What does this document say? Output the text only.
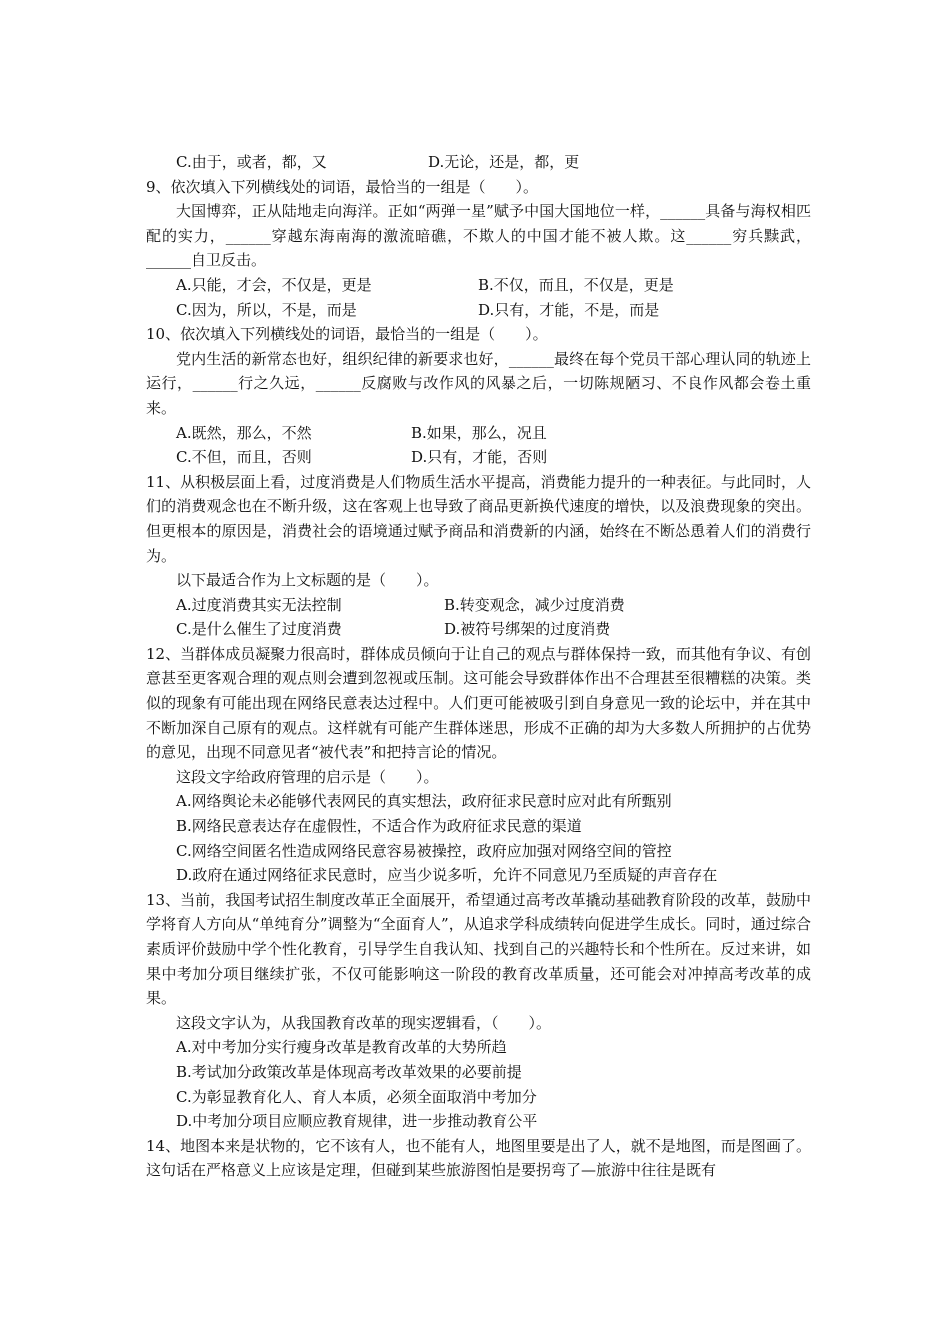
C.由于，或者，都，又	D.无论，还是，都，更
9、依次填入下列横线处的词语，最恰当的一组是（　　）。

大国博弈，正从陆地走向海洋。正如“两弹一星”赋予中国大国地位一样，______具备与海权相匹配的实力，______穿越东海南海的激流暗礁，不欺人的中国才能不被人欺。这______穷兵黩武，______自卫反击。

A.只能，才会，不仅是，更是	B.不仅，而且，不仅是，更是
C.因为，所以，不是，而是	D.只有，才能，不是，而是
10、依次填入下列横线处的词语，最恰当的一组是（　　）。

党内生活的新常态也好，组织纪律的新要求也好，______最终在每个党员干部心理认同的轨迹上运行，______行之久远，______反腐败与改作风的风暴之后，一切陈规陋习、不良作风都会卷土重来。

A.既然，那么，不然	B.如果，那么，况且
C.不但，而且，否则	D.只有，才能，否则

11、从积极层面上看，过度消费是人们物质生活水平提高，消费能力提升的一种表征。与此同时，人们的消费观念也在不断升级，这在客观上也导致了商品更新换代速度的增快，以及浪费现象的突出。但更根本的原因是，消费社会的语境通过赋予商品和消费新的内涵，始终在不断怂恿着人们的消费行为。

以下最适合作为上文标题的是（　　）。
A.过度消费其实无法控制	B.转变观念，减少过度消费
C.是什么催生了过度消费	D.被符号绑架的过度消费

12、当群体成员凝聚力很高时，群体成员倾向于让自己的观点与群体保持一致，而其他有争议、有创意甚至更客观合理的观点则会遭到忽视或压制。这可能会导致群体作出不合理甚至很糟糕的决策。类似的现象有可能出现在网络民意表达过程中。人们更可能被吸引到自身意见一致的论坛中，并在其中不断加深自己原有的观点。这样就有可能产生群体迷思，形成不正确的却为大多数人所拥护的占优势的意见，出现不同意见者“被代表”和把持言论的情况。

这段文字给政府管理的启示是（　　）。
A.网络舆论未必能够代表网民的真实想法，政府征求民意时应对此有所甄别
B.网络民意表达存在虚假性，不适合作为政府征求民意的渠道
C.网络空间匿名性造成网络民意容易被操控，政府应加强对网络空间的管控
D.政府在通过网络征求民意时，应当少说多听，允许不同意见乃至质疑的声音存在

13、当前，我国考试招生制度改革正全面展开，希望通过高考改革撬动基础教育阶段的改革，鼓励中学将育人方向从“单纯育分”调整为“全面育人”，从追求学科成绩转向促进学生成长。同时，通过综合素质评价鼓励中学个性化教育，引导学生自我认知、找到自己的兴趣特长和个性所在。反过来讲，如果中考加分项目继续扩张，不仅可能影响这一阶段的教育改革质量，还可能会对冲掉高考改革的成果。

这段文字认为，从我国教育改革的现实逻辑看，（　　）。
A.对中考加分实行瘦身改革是教育改革的大势所趋
B.考试加分政策改革是体现高考改革效果的必要前提
C.为彰显教育化人、育人本质，必须全面取消中考加分
D.中考加分项目应顺应教育规律，进一步推动教育公平

14、地图本来是状物的，它不该有人，也不能有人，地图里要是出了人，就不是地图，而是图画了。这句话在严格意义上应该是定理，但碰到某些旅游图怕是要拐弯了—旅游中往往是既有
